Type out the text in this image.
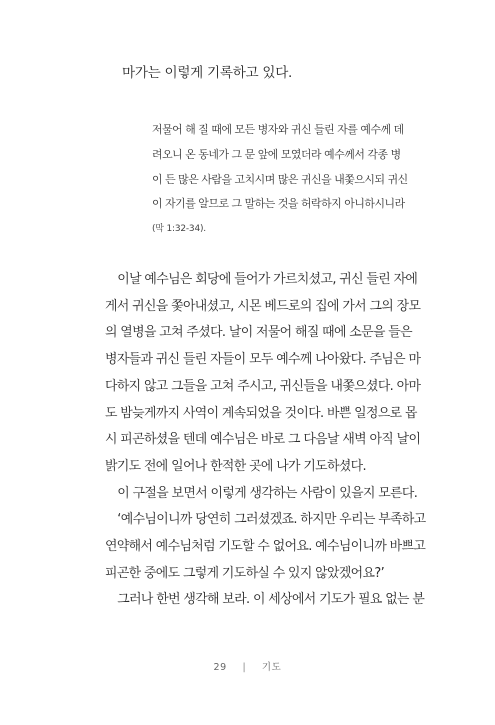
마가는 이렇게 기록하고 있다.

저물어 해 질 때에 모든 병자와 귀신 들린 자를 예수께 데
려오니 온 동네가 그 문 앞에 모였더라 예수께서 각종 병
이 든 많은 사람을 고치시며 많은 귀신을 내쫓으시되 귀신
이 자기를 알므로 그 말하는 것을 허락하지 아니하시니라
(막 1:32-34).
　이날 예수님은 회당에 들어가 가르치셨고, 귀신 들린 자에
게서 귀신을 쫓아내셨고, 시몬 베드로의 집에 가서 그의 장모
의 열병을 고쳐 주셨다. 날이 저물어 해질 때에 소문을 들은
병자들과 귀신 들린 자들이 모두 예수께 나아왔다. 주님은 마
다하지 않고 그들을 고쳐 주시고, 귀신들을 내쫓으셨다. 아마
도 밤늦게까지 사역이 계속되었을 것이다. 바쁜 일정으로 몹
시 피곤하셨을 텐데 예수님은 바로 그 다음날 새벽 아직 날이
밝기도 전에 일어나 한적한 곳에 나가 기도하셨다.
　이 구절을 보면서 이렇게 생각하는 사람이 있을지 모른다.
　‘예수님이니까 당연히 그러셨겠죠. 하지만 우리는 부족하고
연약해서 예수님처럼 기도할 수 없어요. 예수님이니까 바쁘고
피곤한 중에도 그렇게 기도하실 수 있지 않았겠어요?’
　그러나 한번 생각해 보라. 이 세상에서 기도가 필요 없는 분
29 | 기도
